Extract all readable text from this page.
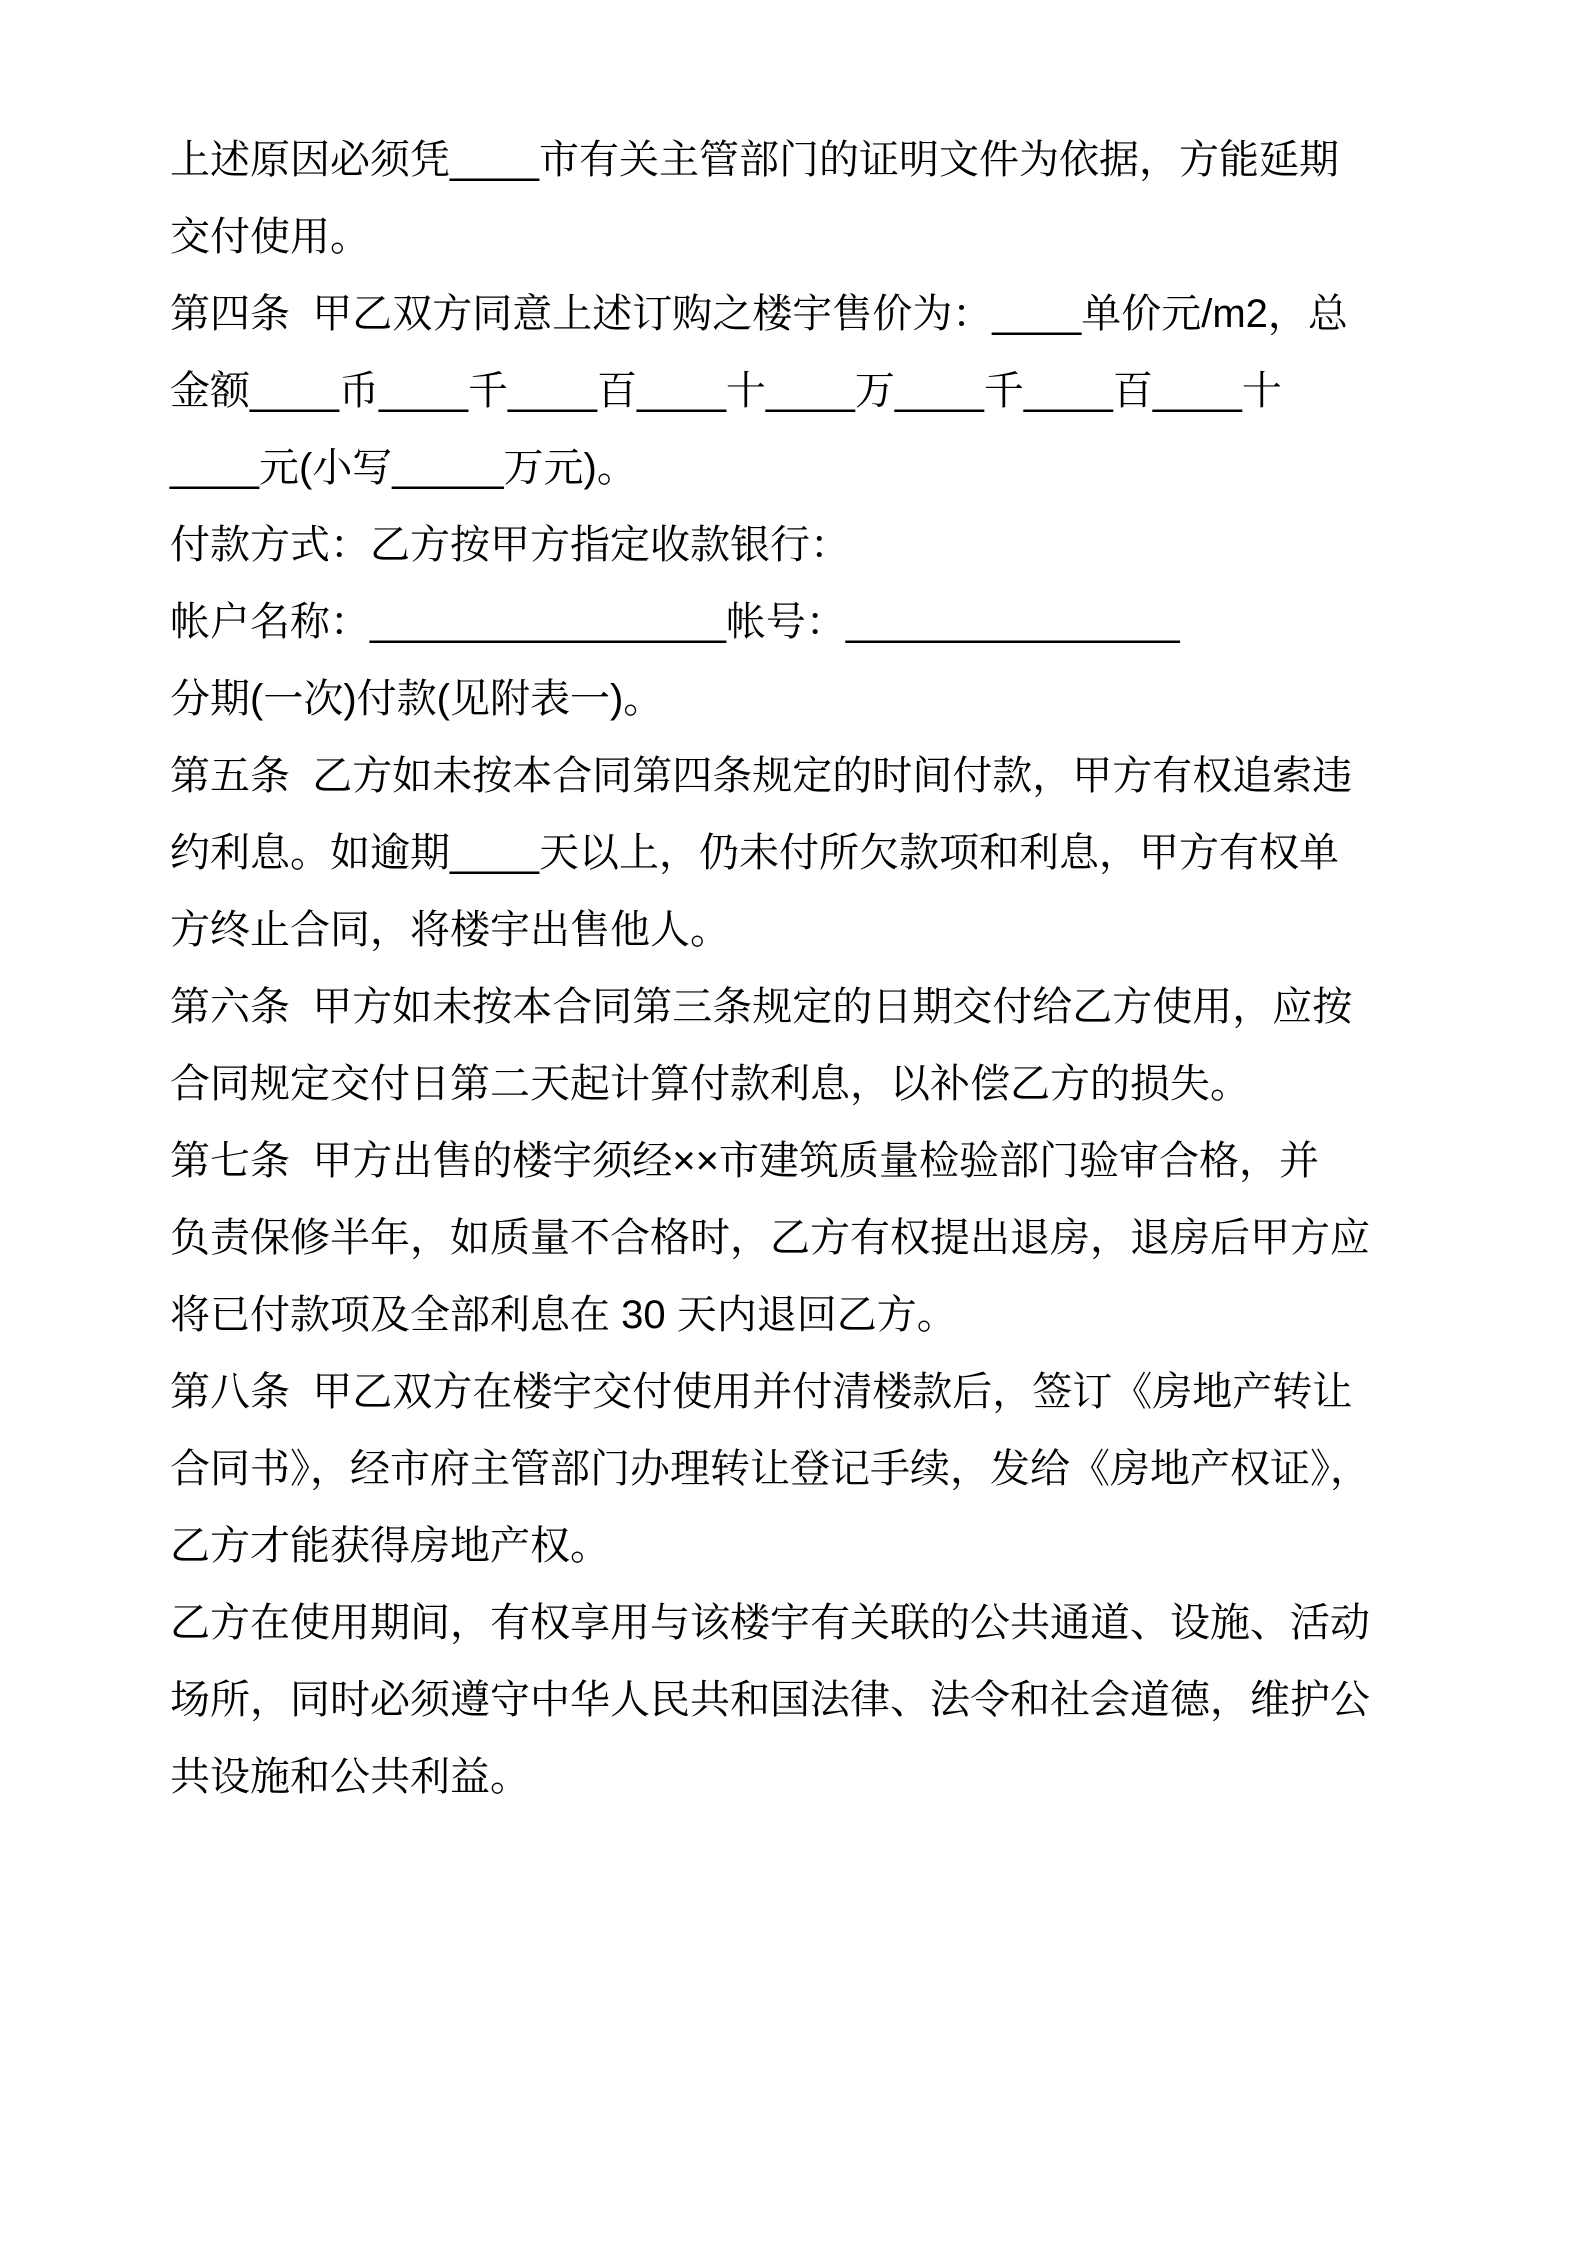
上述原因必须凭____市有关主管部门的证明文件为依据，方能延期
交付使用。
第四条  甲乙双方同意上述订购之楼宇售价为：____单价元/m2，总
金额____币____千____百____十____万____千____百____十
____元(小写_____万元)。
付款方式：乙方按甲方指定收款银行：
帐户名称：________________帐号：_______________
分期(一次)付款(见附表一)。
第五条  乙方如未按本合同第四条规定的时间付款，甲方有权追索违
约利息。如逾期____天以上，仍未付所欠款项和利息，甲方有权单
方终止合同，将楼宇出售他人。
第六条  甲方如未按本合同第三条规定的日期交付给乙方使用，应按
合同规定交付日第二天起计算付款利息，以补偿乙方的损失。
第七条  甲方出售的楼宇须经××市建筑质量检验部门验审合格，并
负责保修半年，如质量不合格时，乙方有权提出退房，退房后甲方应
将已付款项及全部利息在 30 天内退回乙方。
第八条  甲乙双方在楼宇交付使用并付清楼款后，签订《房地产转让
合同书》，经市府主管部门办理转让登记手续，发给《房地产权证》，
乙方才能获得房地产权。
乙方在使用期间，有权享用与该楼宇有关联的公共通道、设施、活动
场所，同时必须遵守中华人民共和国法律、法令和社会道德，维护公
共设施和公共利益。
